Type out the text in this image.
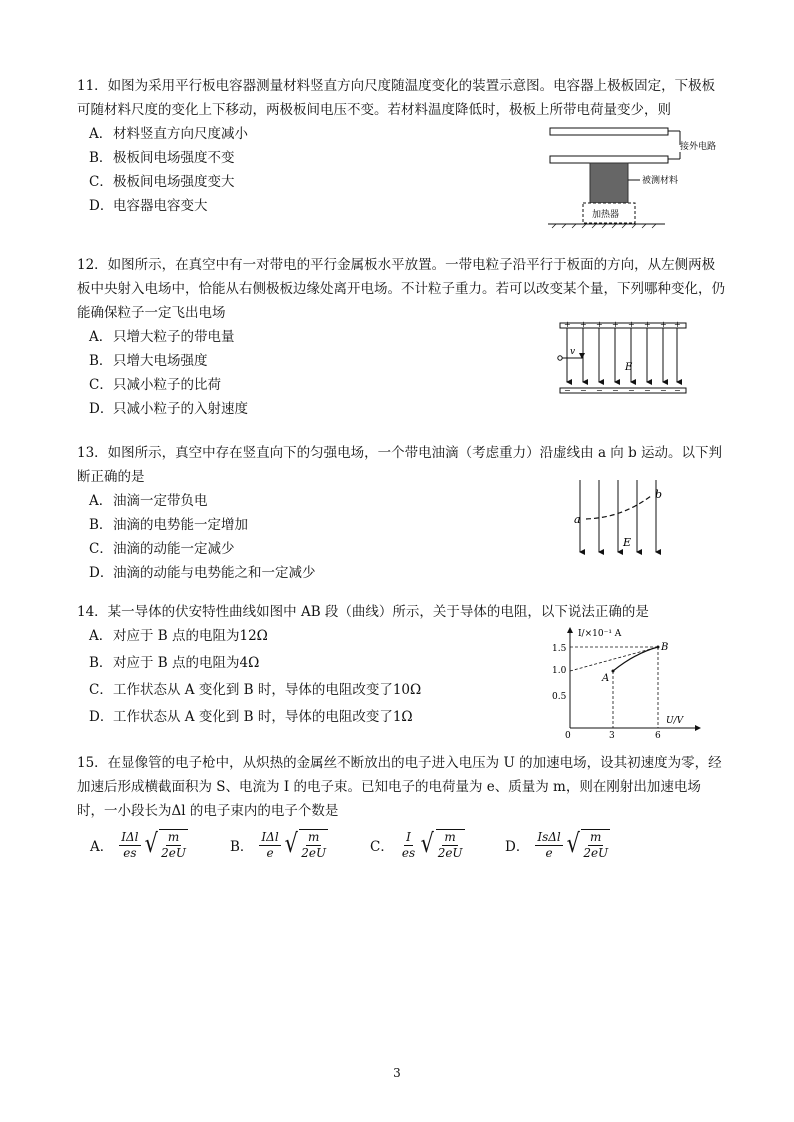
11．如图为采用平行板电容器测量材料竖直方向尺度随温度变化的装置示意图。电容器上极板固定，下极板可随材料尺度的变化上下移动，两极板间电压不变。若材料温度降低时，极板上所带电荷量变少，则

A．材料竖直方向尺度减小
B．极板间电场强度不变
C．极板间电场强度变大
D．电容器电容变大
接外电路
被测材料
加热器

12．如图所示，在真空中有一对带电的平行金属板水平放置。一带电粒子沿平行于板面的方向，从左侧两极板中央射入电场中，恰能从右侧极板边缘处离开电场。不计粒子重力。若可以改变某个量，下列哪种变化，仍能确保粒子一定飞出电场

A．只增大粒子的带电量
B．只增大电场强度
C．只减小粒子的比荷
D．只减小粒子的入射速度
+ + + + + + + +
− − − − − − − −
v
E

13．如图所示，真空中存在竖直向下的匀强电场，一个带电油滴（考虑重力）沿虚线由 a 向 b 运动。以下判断正确的是

A．油滴一定带负电
B．油滴的电势能一定增加
C．油滴的动能一定减少
D．油滴的动能与电势能之和一定减少
a
b
E

14．某一导体的伏安特性曲线如图中 AB 段（曲线）所示，关于导体的电阻，以下说法正确的是

A．对应于 B 点的电阻为12Ω
B．对应于 B 点的电阻为4Ω
C．工作状态从 A 变化到 B 时，导体的电阻改变了10Ω
D．工作状态从 A 变化到 B 时，导体的电阻改变了1Ω
I/×10⁻¹ A
U/V
1.5
1.0
0.5
0	3	6
A
B

15．在显像管的电子枪中，从炽热的金属丝不断放出的电子进入电压为 U 的加速电场，设其初速度为零，经加速后形成横截面积为 S、电流为 I 的电子束。已知电子的电荷量为 e、质量为 m，则在刚射出加速电场时，一小段长为Δl 的电子束内的电子个数是

A． $\frac{\text{IΔl}}{es}$ √ $\frac{m}{2eU}$	B． $\frac{\text{IΔl}}{e}$ √ $\frac{m}{2eU}$	C． $\frac{I}{es}$ √ $\frac{m}{2eU}$	D． $\frac{\text{IsΔl}}{e}$ √ $\frac{m}{2eU}$
3
